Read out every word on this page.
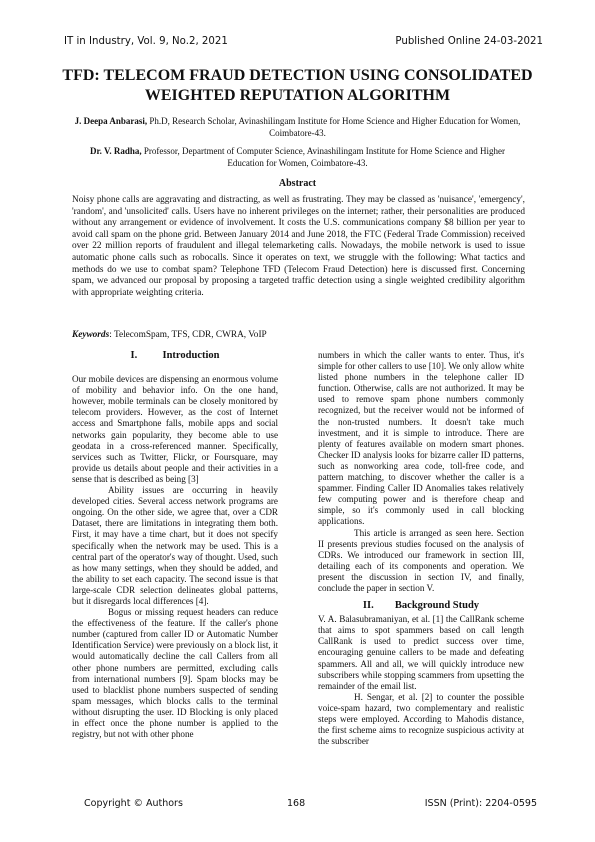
IT in Industry, Vol. 9, No.2, 2021	Published Online 24-03-2021
TFD: TELECOM FRAUD DETECTION USING CONSOLIDATED WEIGHTED REPUTATION ALGORITHM

J. Deepa Anbarasi, Ph.D, Research Scholar, Avinashilingam Institute for Home Science and Higher Education for Women, Coimbatore-43.

Dr. V. Radha, Professor, Department of Computer Science, Avinashilingam Institute for Home Science and Higher Education for Women, Coimbatore-43.

Abstract

Noisy phone calls are aggravating and distracting, as well as frustrating. They may be classed as 'nuisance', 'emergency', 'random', and 'unsolicited' calls. Users have no inherent privileges on the internet; rather, their personalities are produced without any arrangement or evidence of involvement. It costs the U.S. communications company $8 billion per year to avoid call spam on the phone grid. Between January 2014 and June 2018, the FTC (Federal Trade Commission) received over 22 million reports of fraudulent and illegal telemarketing calls. Nowadays, the mobile network is used to issue automatic phone calls such as robocalls. Since it operates on text, we struggle with the following: What tactics and methods do we use to combat spam? Telephone TFD (Telecom Fraud Detection) here is discussed first. Concerning spam, we advanced our proposal by proposing a targeted traffic detection using a single weighted credibility algorithm with appropriate weighting criteria.

Keywords: TelecomSpam, TFS, CDR, CWRA, VoIP

I. Introduction

Our mobile devices are dispensing an enormous volume of mobility and behavior info. On the one hand, however, mobile terminals can be closely monitored by telecom providers. However, as the cost of Internet access and Smartphone falls, mobile apps and social networks gain popularity, they become able to use geodata in a cross-referenced manner. Specifically, services such as Twitter, Flickr, or Foursquare, may provide us details about people and their activities in a sense that is described as being [3]

Ability issues are occurring in heavily developed cities. Several access network programs are ongoing. On the other side, we agree that, over a CDR Dataset, there are limitations in integrating them both. First, it may have a time chart, but it does not specify specifically when the network may be used. This is a central part of the operator's way of thought. Used, such as how many settings, when they should be added, and the ability to set each capacity. The second issue is that large-scale CDR selection delineates global patterns, but it disregards local differences [4].

Bogus or missing request headers can reduce the effectiveness of the feature. If the caller's phone number (captured from caller ID or Automatic Number Identification Service) were previously on a block list, it would automatically decline the call Callers from all other phone numbers are permitted, excluding calls from international numbers [9]. Spam blocks may be used to blacklist phone numbers suspected of sending spam messages, which blocks calls to the terminal without disrupting the user. ID Blocking is only placed in effect once the phone number is applied to the registry, but not with other phone

numbers in which the caller wants to enter. Thus, it's simple for other callers to use [10]. We only allow white listed phone numbers in the telephone caller ID function. Otherwise, calls are not authorized. It may be used to remove spam phone numbers commonly recognized, but the receiver would not be informed of the non-trusted numbers. It doesn't take much investment, and it is simple to introduce. There are plenty of features available on modern smart phones. Checker ID analysis looks for bizarre caller ID patterns, such as nonworking area code, toll-free code, and pattern matching, to discover whether the caller is a spammer. Finding Caller ID Anomalies takes relatively few computing power and is therefore cheap and simple, so it's commonly used in call blocking applications.

This article is arranged as seen here. Section II presents previous studies focused on the analysis of CDRs. We introduced our framework in section III, detailing each of its components and operation. We present the discussion in section IV, and finally, conclude the paper in section V.

II. Background Study

V. A. Balasubramaniyan, et al. [1] the CallRank scheme that aims to spot spammers based on call length CallRank is used to predict success over time, encouraging genuine callers to be made and defeating spammers. All and all, we will quickly introduce new subscribers while stopping scammers from upsetting the remainder of the email list.

H. Sengar, et al. [2] to counter the possible voice-spam hazard, two complementary and realistic steps were employed. According to Mahodis distance, the first scheme aims to recognize suspicious activity at the subscriber

Copyright © Authors	168	ISSN (Print): 2204-0595
